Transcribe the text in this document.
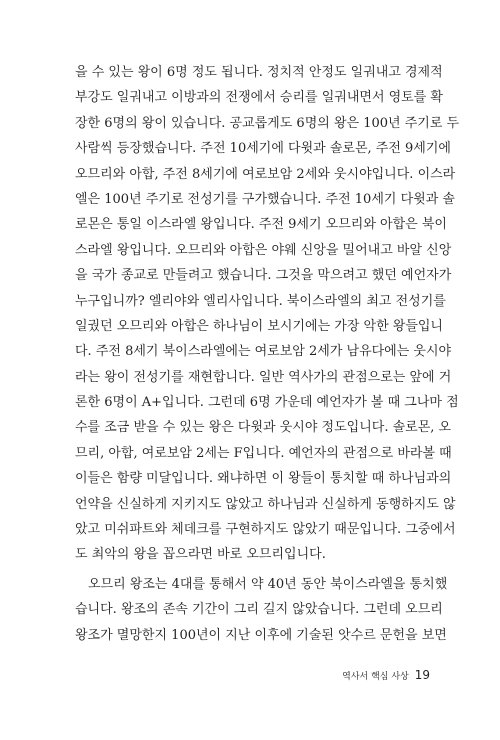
을 수 있는 왕이 6명 정도 됩니다. 정치적 안정도 일궈내고 경제적
부강도 일궈내고 이방과의 전쟁에서 승리를 일궈내면서 영토를 확
장한 6명의 왕이 있습니다. 공교롭게도 6명의 왕은 100년 주기로 두
사람씩 등장했습니다. 주전 10세기에 다윗과 솔로몬, 주전 9세기에
오므리와 아합, 주전 8세기에 여로보암 2세와 웃시야입니다. 이스라
엘은 100년 주기로 전성기를 구가했습니다. 주전 10세기 다윗과 솔
로몬은 통일 이스라엘 왕입니다. 주전 9세기 오므리와 아합은 북이
스라엘 왕입니다. 오므리와 아합은 야웨 신앙을 밀어내고 바알 신앙
을 국가 종교로 만들려고 했습니다. 그것을 막으려고 했던 예언자가
누구입니까? 엘리야와 엘리사입니다. 북이스라엘의 최고 전성기를
일궜던 오므리와 아합은 하나님이 보시기에는 가장 악한 왕들입니
다. 주전 8세기 북이스라엘에는 여로보암 2세가 남유다에는 웃시야
라는 왕이 전성기를 재현합니다. 일반 역사가의 관점으로는 앞에 거
론한 6명이 A+입니다. 그런데 6명 가운데 예언자가 볼 때 그나마 점
수를 조금 받을 수 있는 왕은 다윗과 웃시야 정도입니다. 솔로몬, 오
므리, 아합, 여로보암 2세는 F입니다. 예언자의 관점으로 바라볼 때
이들은 함량 미달입니다. 왜냐하면 이 왕들이 통치할 때 하나님과의
언약을 신실하게 지키지도 않았고 하나님과 신실하게 동행하지도 않
았고 미쉬파트와 체데크를 구현하지도 않았기 때문입니다. 그중에서
도 최악의 왕을 꼽으라면 바로 오므리입니다.
오므리 왕조는 4대를 통해서 약 40년 동안 북이스라엘을 통치했
습니다. 왕조의 존속 기간이 그리 길지 않았습니다. 그런데 오므리
왕조가 멸망한지 100년이 지난 이후에 기술된 앗수르 문헌을 보면
역사서 핵심 사상 19
